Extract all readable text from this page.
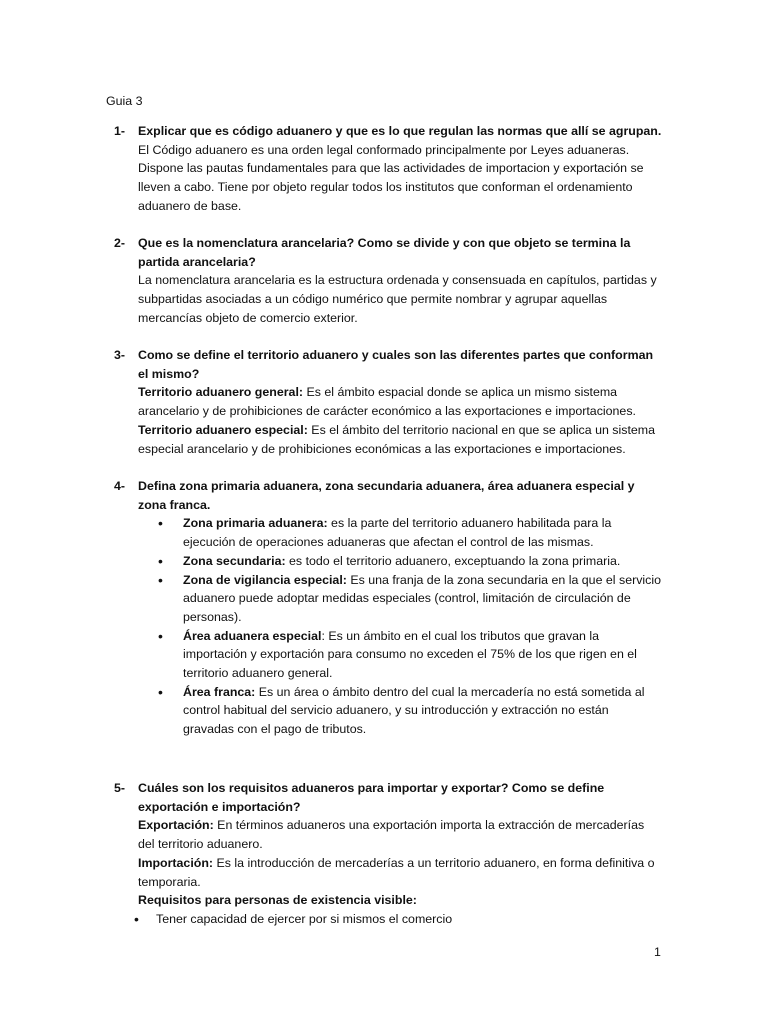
Guia 3
1- Explicar que es código aduanero y que es lo que regulan las normas que allí se agrupan.

El Código aduanero es una orden legal conformado principalmente por Leyes aduaneras. Dispone las pautas fundamentales para que las actividades de importacion y exportación se lleven a cabo. Tiene por objeto regular todos los institutos que conforman el ordenamiento aduanero de base.

2- Que es la nomenclatura arancelaria? Como se divide y con que objeto se termina la partida arancelaria?

La nomenclatura arancelaria es la estructura ordenada y consensuada en capítulos, partidas y subpartidas asociadas a un código numérico que permite nombrar y agrupar aquellas mercancías objeto de comercio exterior.

3- Como se define el territorio aduanero y cuales son las diferentes partes que conforman el mismo?

Territorio aduanero general: Es el ámbito espacial donde se aplica un mismo sistema arancelario y de prohibiciones de carácter económico a las exportaciones e importaciones.

Territorio aduanero especial: Es el ámbito del territorio nacional en que se aplica un sistema especial arancelario y de prohibiciones económicas a las exportaciones e importaciones.

4- Defina zona primaria aduanera, zona secundaria aduanera, área aduanera especial y zona franca.

• Zona primaria aduanera: es la parte del territorio aduanero habilitada para la ejecución de operaciones aduaneras que afectan el control de las mismas.
• Zona secundaria: es todo el territorio aduanero, exceptuando la zona primaria.
• Zona de vigilancia especial: Es una franja de la zona secundaria en la que el servicio aduanero puede adoptar medidas especiales (control, limitación de circulación de personas).
• Área aduanera especial: Es un ámbito en el cual los tributos que gravan la importación y exportación para consumo no exceden el 75% de los que rigen en el territorio aduanero general.
• Área franca: Es un área o ámbito dentro del cual la mercadería no está sometida al control habitual del servicio aduanero, y su introducción y extracción no están gravadas con el pago de tributos.
5- Cuáles son los requisitos aduaneros para importar y exportar? Como se define exportación e importación?

Exportación: En términos aduaneros una exportación importa la extracción de mercaderías del territorio aduanero.

Importación: Es la introducción de mercaderías a un territorio aduanero, en forma definitiva o temporaria.

Requisitos para personas de existencia visible:

• Tener capacidad de ejercer por si mismos el comercio
1
